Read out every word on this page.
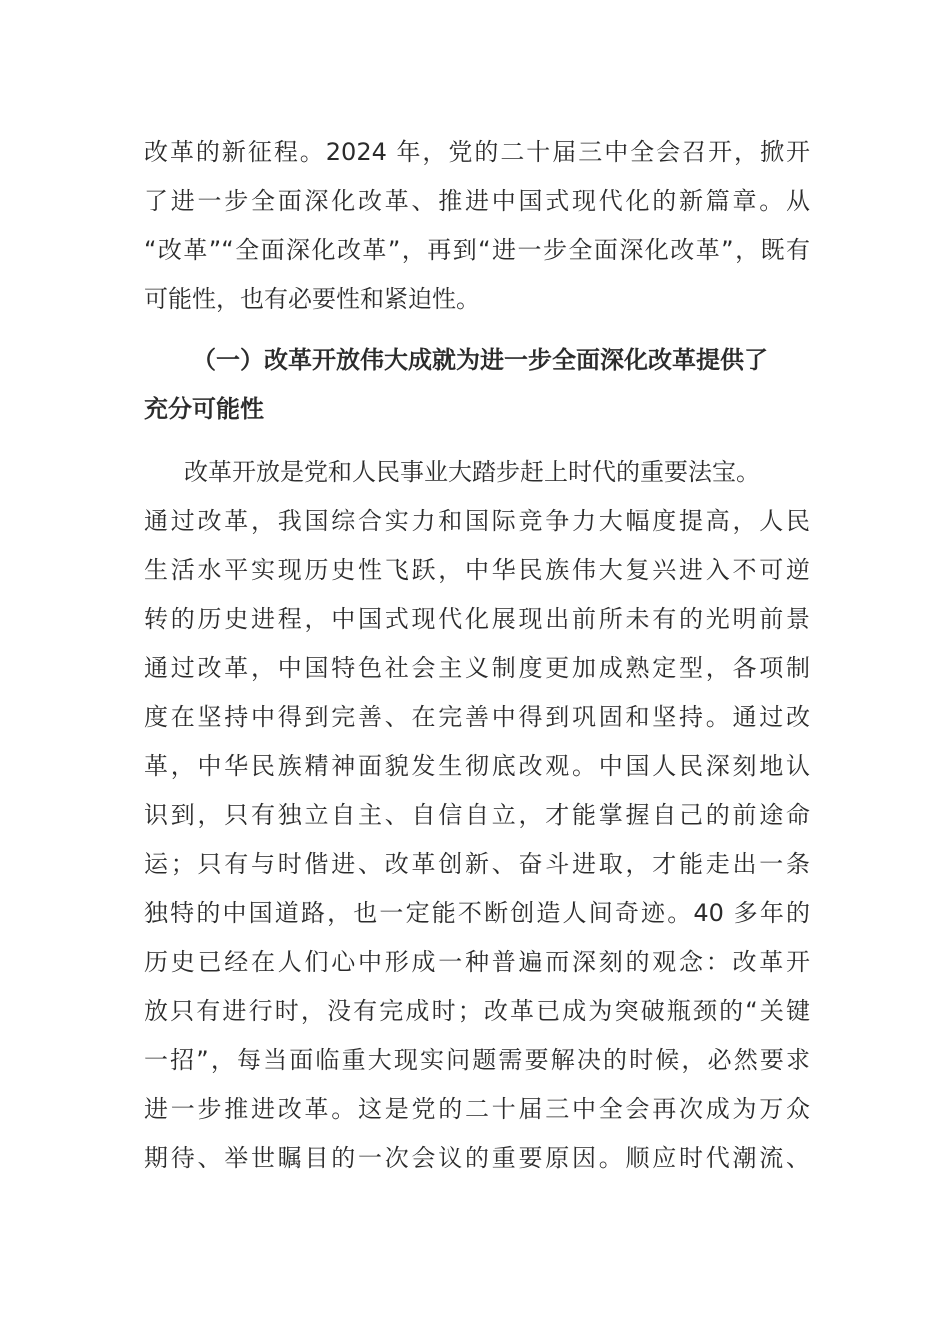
改革的新征程。2024 年，党的二十届三中全会召开，掀开
了进一步全面深化改革、推进中国式现代化的新篇章。从
“改革”“全面深化改革”，再到“进一步全面深化改革”，既有
可能性，也有必要性和紧迫性。
（一）改革开放伟大成就为进一步全面深化改革提供了
充分可能性
改革开放是党和人民事业大踏步赶上时代的重要法宝。
通过改革，我国综合实力和国际竞争力大幅度提高，人民
生活水平实现历史性飞跃，中华民族伟大复兴进入不可逆
转的历史进程，中国式现代化展现出前所未有的光明前景
通过改革，中国特色社会主义制度更加成熟定型，各项制
度在坚持中得到完善、在完善中得到巩固和坚持。通过改
革，中华民族精神面貌发生彻底改观。中国人民深刻地认
识到，只有独立自主、自信自立，才能掌握自己的前途命
运；只有与时偕进、改革创新、奋斗进取，才能走出一条
独特的中国道路，也一定能不断创造人间奇迹。40 多年的
历史已经在人们心中形成一种普遍而深刻的观念：改革开
放只有进行时，没有完成时；改革已成为突破瓶颈的“关键
一招”，每当面临重大现实问题需要解决的时候，必然要求
进一步推进改革。这是党的二十届三中全会再次成为万众
期待、举世瞩目的一次会议的重要原因。顺应时代潮流、
